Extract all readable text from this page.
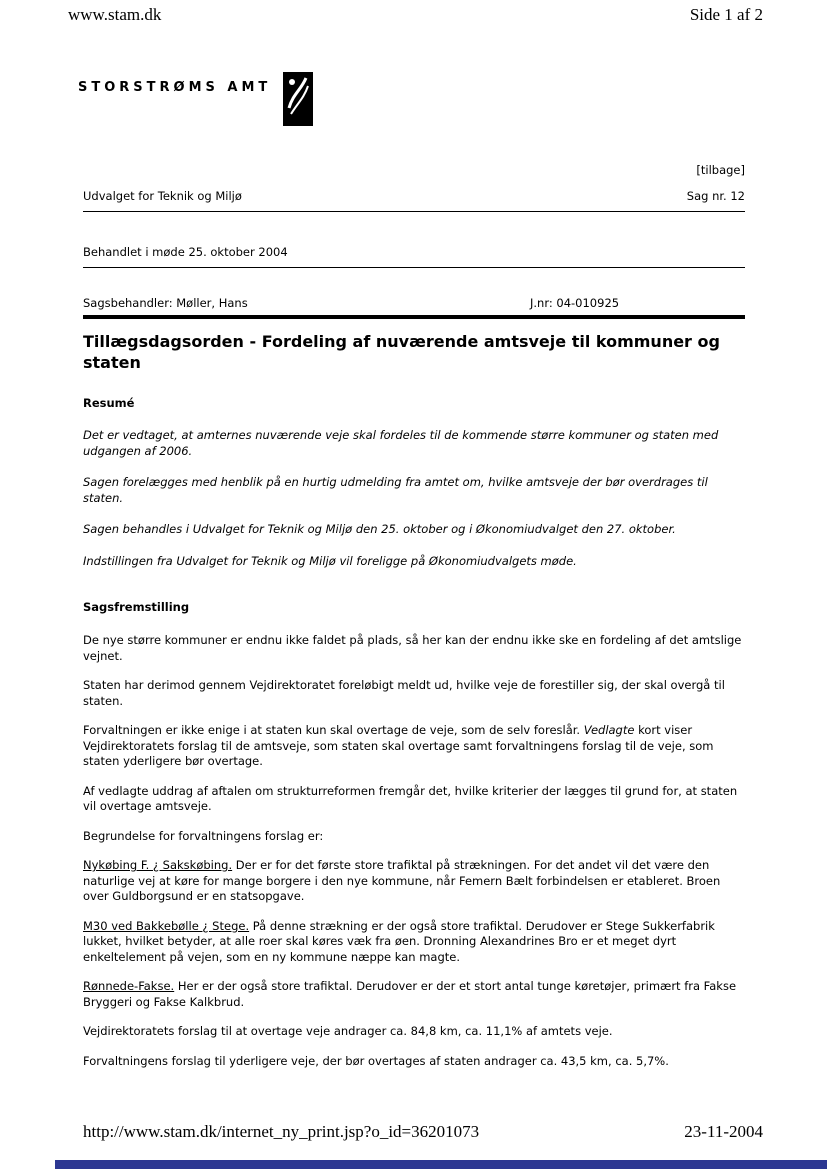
www.stam.dk	Side 1 af 2
STORSTRØMS AMT
[tilbage]
Udvalget for Teknik og Miljø	Sag nr. 12
Behandlet i møde 25. oktober 2004
Sagsbehandler: Møller, Hans	J.nr: 04-010925
Tillægsdagsorden - Fordeling af nuværende amtsveje til kommuner og staten
Resumé

Det er vedtaget, at amternes nuværende veje skal fordeles til de kommende større kommuner og staten med udgangen af 2006.

Sagen forelægges med henblik på en hurtig udmelding fra amtet om, hvilke amtsveje der bør overdrages til staten.

Sagen behandles i Udvalget for Teknik og Miljø den 25. oktober og i Økonomiudvalget den 27. oktober.

Indstillingen fra Udvalget for Teknik og Miljø vil foreligge på Økonomiudvalgets møde.

Sagsfremstilling

De nye større kommuner er endnu ikke faldet på plads, så her kan der endnu ikke ske en fordeling af det amtslige vejnet.

Staten har derimod gennem Vejdirektoratet foreløbigt meldt ud, hvilke veje de forestiller sig, der skal overgå til staten.

Forvaltningen er ikke enige i at staten kun skal overtage de veje, som de selv foreslår. Vedlagte kort viser Vejdirektoratets forslag til de amtsveje, som staten skal overtage samt forvaltningens forslag til de veje, som staten yderligere bør overtage.

Af vedlagte uddrag af aftalen om strukturreformen fremgår det, hvilke kriterier der lægges til grund for, at staten vil overtage amtsveje.

Begrundelse for forvaltningens forslag er:

Nykøbing F. ¿ Sakskøbing. Der er for det første store trafiktal på strækningen. For det andet vil det være den naturlige vej at køre for mange borgere i den nye kommune, når Femern Bælt forbindelsen er etableret. Broen over Guldborgsund er en statsopgave.

M30 ved Bakkebølle ¿ Stege. På denne strækning er der også store trafiktal. Derudover er Stege Sukkerfabrik lukket, hvilket betyder, at alle roer skal køres væk fra øen. Dronning Alexandrines Bro er et meget dyrt enkeltelement på vejen, som en ny kommune næppe kan magte.

Rønnede-Fakse. Her er der også store trafiktal. Derudover er der et stort antal tunge køretøjer, primært fra Fakse Bryggeri og Fakse Kalkbrud.

Vejdirektoratets forslag til at overtage veje andrager ca. 84,8 km, ca. 11,1% af amtets veje.

Forvaltningens forslag til yderligere veje, der bør overtages af staten andrager ca. 43,5 km, ca. 5,7%.

http://www.stam.dk/internet_ny_print.jsp?o_id=36201073	23-11-2004
